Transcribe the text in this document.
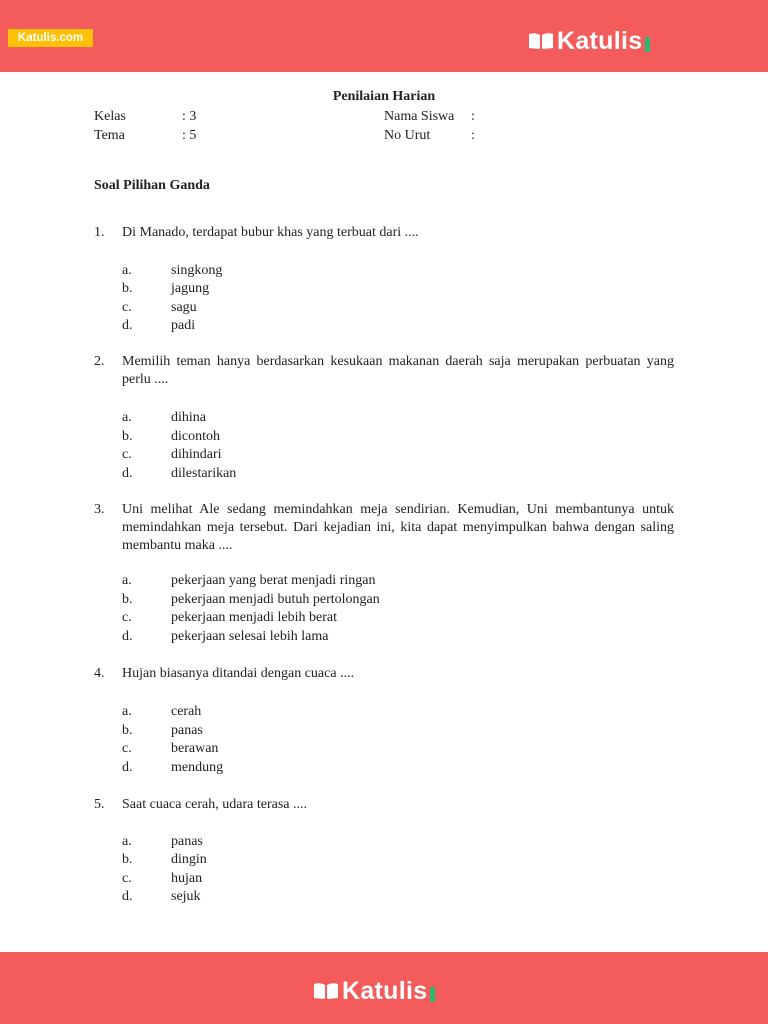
Katulis.com	Katulis
Penilaian Harian
Kelas	: 3
Tema	: 5
Nama Siswa :
No Urut	:
Soal Pilihan Ganda
1. Di Manado, terdapat bubur khas yang terbuat dari ....
a.	singkong
b.	jagung
c.	sagu
d.	padi
2. Memilih teman hanya berdasarkan kesukaan makanan daerah saja merupakan perbuatan yang perlu ....
a.	dihina
b.	dicontoh
c.	dihindari
d.	dilestarikan
3. Uni melihat Ale sedang memindahkan meja sendirian. Kemudian, Uni membantunya untuk memindahkan meja tersebut. Dari kejadian ini, kita dapat menyimpulkan bahwa dengan saling membantu maka ....
a.	pekerjaan yang berat menjadi ringan
b.	pekerjaan menjadi butuh pertolongan
c.	pekerjaan menjadi lebih berat
d.	pekerjaan selesai lebih lama
4. Hujan biasanya ditandai dengan cuaca ....
a.	cerah
b.	panas
c.	berawan
d.	mendung
5. Saat cuaca cerah, udara terasa ....
a.	panas
b.	dingin
c.	hujan
d.	sejuk
Katulis
